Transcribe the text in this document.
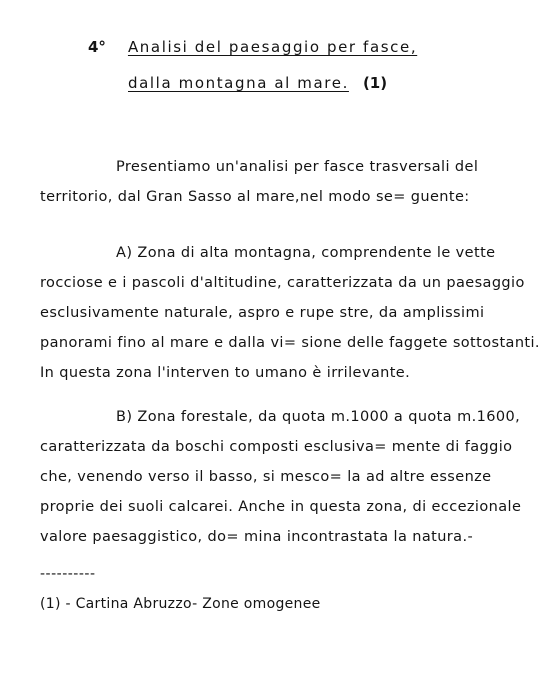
4° Analisi del paesaggio per fasce,
dalla montagna al mare. (1)

Presentiamo un'analisi per fasce trasversali del territorio, dal Gran Sasso al mare,nel modo se= guente:

A) Zona di alta montagna, comprendente le vette rocciose e i pascoli d'altitudine, caratterizzata da un paesaggio esclusivamente naturale, aspro e rupe stre, da amplissimi panorami fino al mare e dalla vi= sione delle faggete sottostanti. In questa zona l'interven to umano è irrilevante.

B) Zona forestale, da quota m.1000 a quota m.1600, caratterizzata da boschi composti esclusiva= mente di faggio che, venendo verso il basso, si mesco= la ad altre essenze proprie dei suoli calcarei. Anche in questa zona, di eccezionale valore paesaggistico, do= mina incontrastata la natura.-

----------
(1) - Cartina Abruzzo- Zone omogenee
